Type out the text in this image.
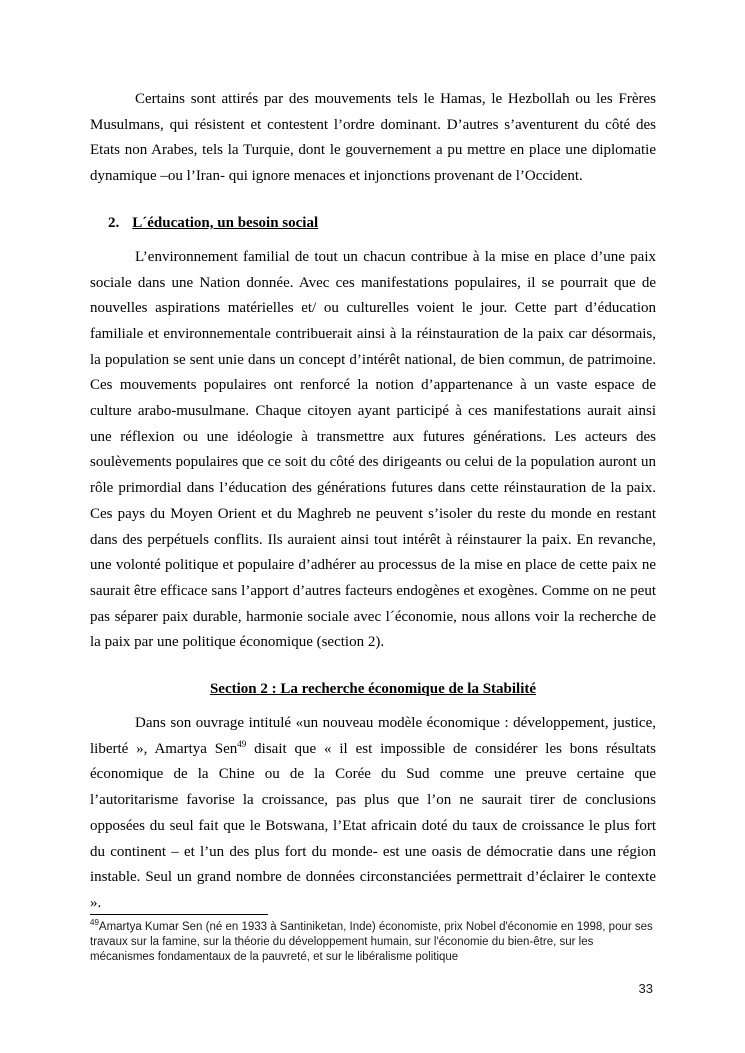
Certains sont attirés par des mouvements tels le Hamas, le Hezbollah ou les Frères Musulmans, qui résistent et contestent l’ordre dominant. D’autres s’aventurent du côté des Etats non Arabes, tels la Turquie, dont le gouvernement a pu mettre en place une diplomatie dynamique –ou l’Iran- qui ignore menaces et injonctions provenant de l’Occident.

2. L´éducation, un besoin social

L’environnement familial de tout un chacun contribue à la mise en place d’une paix sociale dans une Nation donnée. Avec ces manifestations populaires, il se pourrait que de nouvelles aspirations matérielles et/ ou culturelles voient le jour. Cette part d’éducation familiale et environnementale contribuerait ainsi à la réinstauration de la paix car désormais, la population se sent unie dans un concept d’intérêt national, de bien commun, de patrimoine. Ces mouvements populaires ont renforcé la notion d’appartenance à un vaste espace de culture arabo-musulmane. Chaque citoyen ayant participé à ces manifestations aurait ainsi une réflexion ou une idéologie à transmettre aux futures générations. Les acteurs des soulèvements populaires que ce soit du côté des dirigeants ou celui de la population auront un rôle primordial dans l’éducation des générations futures dans cette réinstauration de la paix. Ces pays du Moyen Orient et du Maghreb ne peuvent s’isoler du reste du monde en restant dans des perpétuels conflits. Ils auraient ainsi tout intérêt à réinstaurer la paix. En revanche, une volonté politique et populaire d’adhérer au processus de la mise en place de cette paix ne saurait être efficace sans l’apport d’autres facteurs endogènes et exogènes. Comme on ne peut pas séparer paix durable, harmonie sociale avec l´économie, nous allons voir la recherche de la paix par une politique économique (section 2).

Section 2 : La recherche économique de la Stabilité

Dans son ouvrage intitulé «un nouveau modèle économique : développement, justice, liberté », Amartya Sen$^{49}$ disait que « il est impossible de considérer les bons résultats économique de la Chine ou de la Corée du Sud comme une preuve certaine que l’autoritarisme favorise la croissance, pas plus que l’on ne saurait tirer de conclusions opposées du seul fait que le Botswana, l’Etat africain doté du taux de croissance le plus fort du continent – et l’un des plus fort du monde- est une oasis de démocratie dans une région instable. Seul un grand nombre de données circonstanciées permettrait d’éclairer le contexte ».

$^{49}$Amartya Kumar Sen (né en 1933 à Santiniketan, Inde) économiste, prix Nobel d'économie en 1998, pour ses travaux sur la famine, sur la théorie du développement humain, sur l'économie du bien-être, sur les mécanismes fondamentaux de la pauvreté, et sur le libéralisme politique

33
